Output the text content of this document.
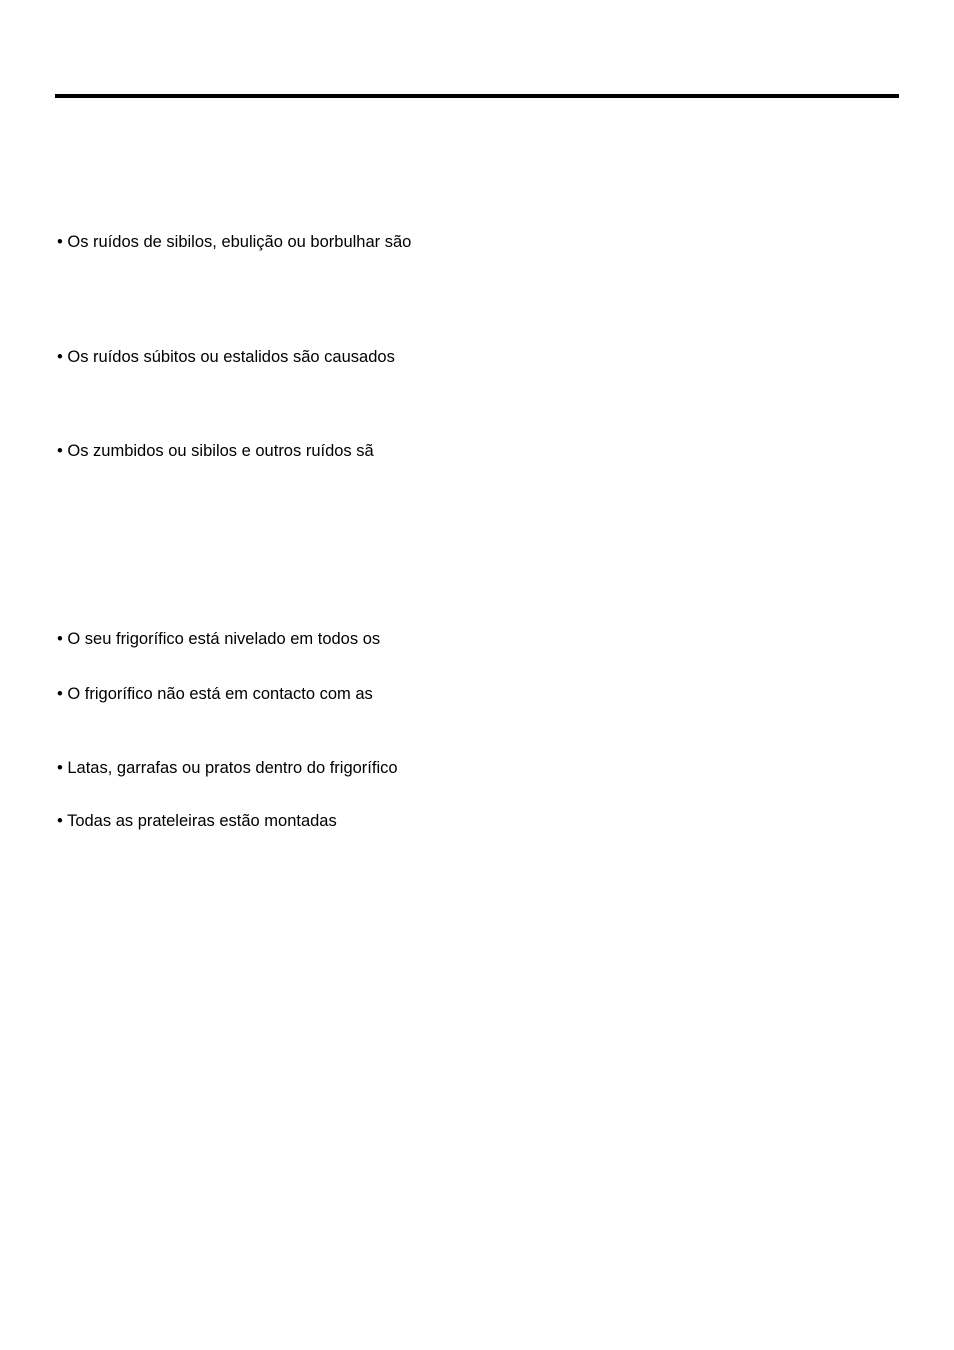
• Os ruídos de sibilos, ebulição ou borbulhar são
• Os ruídos súbitos ou estalidos são causados
• Os zumbidos ou sibilos e outros ruídos sã
• O seu frigorífico está nivelado em todos os
• O frigorífico não está em contacto com as
• Latas, garrafas ou pratos dentro do frigorífico
• Todas as prateleiras estão montadas
